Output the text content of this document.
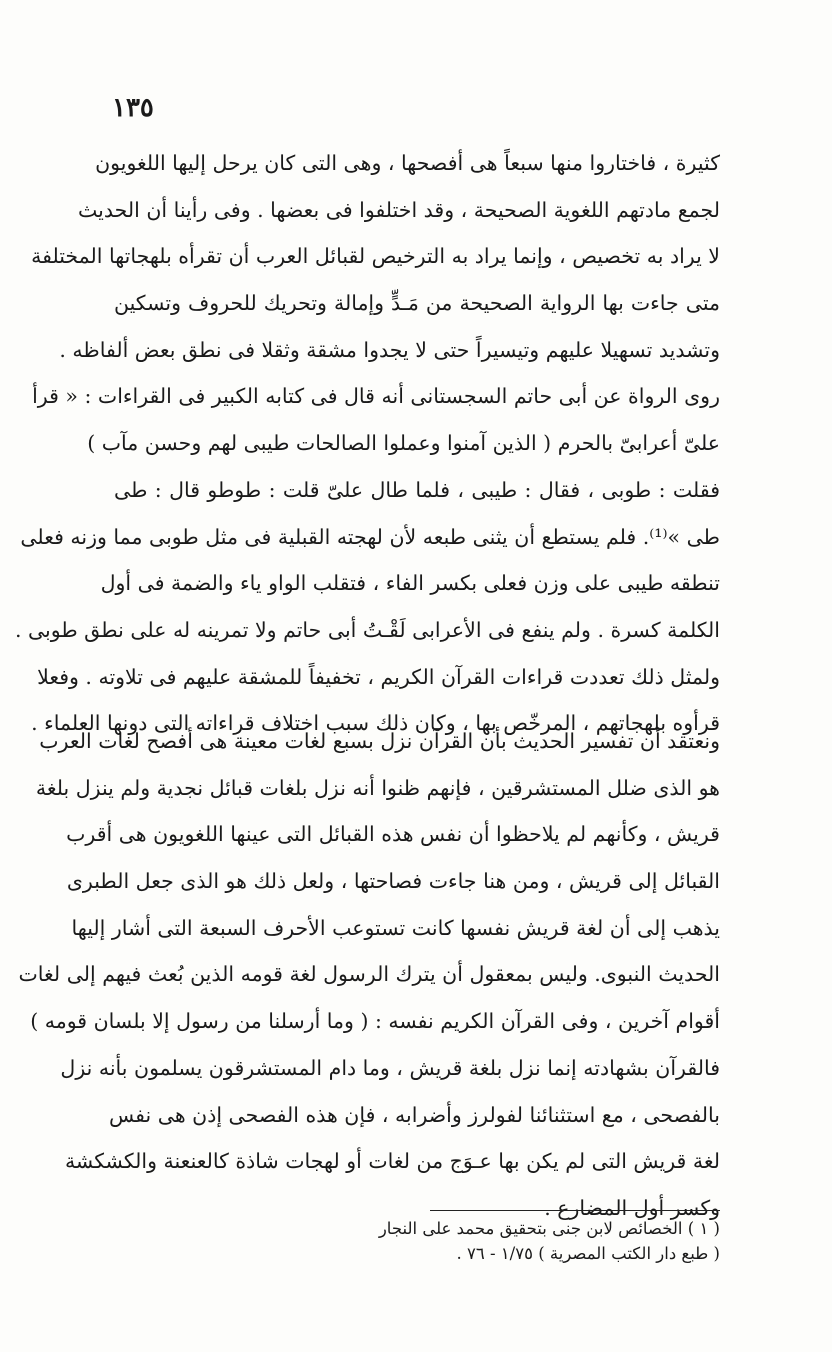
١٣٥
كثيرة ، فاختاروا منها سبعاً هى أفصحها ، وهى التى كان يرحل إليها اللغويون
لجمع مادتهم اللغوية الصحيحة ، وقد اختلفوا فى بعضها . وفى رأينا أن الحديث
لا يراد به تخصيص ، وإنما يراد به الترخيص لقبائل العرب أن تقرأه بلهجاتها المختلفة
متى جاءت بها الرواية الصحيحة من مَـدٍّ وإمالة وتحريك للحروف وتسكين
وتشديد تسهيلا عليهم وتيسيراً حتى لا يجدوا مشقة وثقلا فى نطق بعض ألفاظه .
روى الرواة عن أبى حاتم السجستانى أنه قال فى كتابه الكبير فى القراءات : « قرأ
علىّ أعرابىّ بالحرم ( الذين آمنوا وعملوا الصالحات طيبى لهم وحسن مآب )
فقلت : طوبى ، فقال : طيبى ، فلما طال علىّ قلت : طوطو قال : طى
طى »⁽¹⁾. فلم يستطع أن يثنى طبعه لأن لهجته القبلية فى مثل طوبى مما وزنه فعلى
تنطقه طيبى على وزن فعلى بكسر الفاء ، فتقلب الواو ياء والضمة فى أول
الكلمة كسرة . ولم ينفع فى الأعرابى لَقْـتُ أبى حاتم ولا تمرينه له على نطق طوبى .
ولمثل ذلك تعددت قراءات القرآن الكريم ، تخفيفاً للمشقة عليهم فى تلاوته . وفعلا
قرأوه بلهجاتهم ، المرخّص بها ، وكان ذلك سبب اختلاف قراءاته التى دونها العلماء .
ونعتقد أن تفسير الحديث بأن القرآن نزل بسبع لغات معينة هى أفصح لغات العرب
هو الذى ضلل المستشرقين ، فإنهم ظنوا أنه نزل بلغات قبائل نجدية ولم ينزل بلغة
قريش ، وكأنهم لم يلاحظوا أن نفس هذه القبائل التى عينها اللغويون هى أقرب
القبائل إلى قريش ، ومن هنا جاءت فصاحتها ، ولعل ذلك هو الذى جعل الطبرى
يذهب إلى أن لغة قريش نفسها كانت تستوعب الأحرف السبعة التى أشار إليها
الحديث النبوى. وليس بمعقول أن يترك الرسول لغة قومه الذين بُعث فيهم إلى لغات
أقوام آخرين ، وفى القرآن الكريم نفسه : ( وما أرسلنا من رسول إلا بلسان قومه )
فالقرآن بشهادته إنما نزل بلغة قريش ، وما دام المستشرقون يسلمون بأنه نزل
بالفصحى ، مع استثنائنا لفولرز وأضرابه ، فإن هذه الفصحى إذن هى نفس
لغة قريش التى لم يكن بها عـوَج من لغات أو لهجات شاذة كالعنعنة والكشكشة
وكسر أول المضارع .
( ١ ) الخصائص لابن جنى بتحقيق محمد على النجار
( طبع دار الكتب المصرية ) ١/٧٥ - ٧٦ .
